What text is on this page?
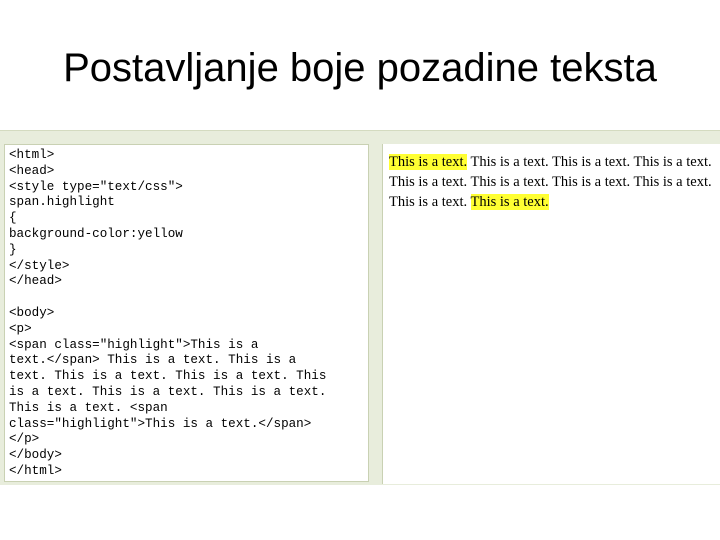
Postavljanje boje pozadine teksta
<html>
<head>
<style type="text/css">
span.highlight
{
background-color:yellow
}
</style>
</head>
<body>
<p>
<span class="highlight">This is a
text.</span> This is a text. This is a
text. This is a text. This is a text. This
is a text. This is a text. This is a text.
This is a text. <span
class="highlight">This is a text.</span>
</p>
</body>
</html>
This is a text. This is a text. This is a text. This is a text.
This is a text. This is a text. This is a text. This is a text.
This is a text. This is a text.
